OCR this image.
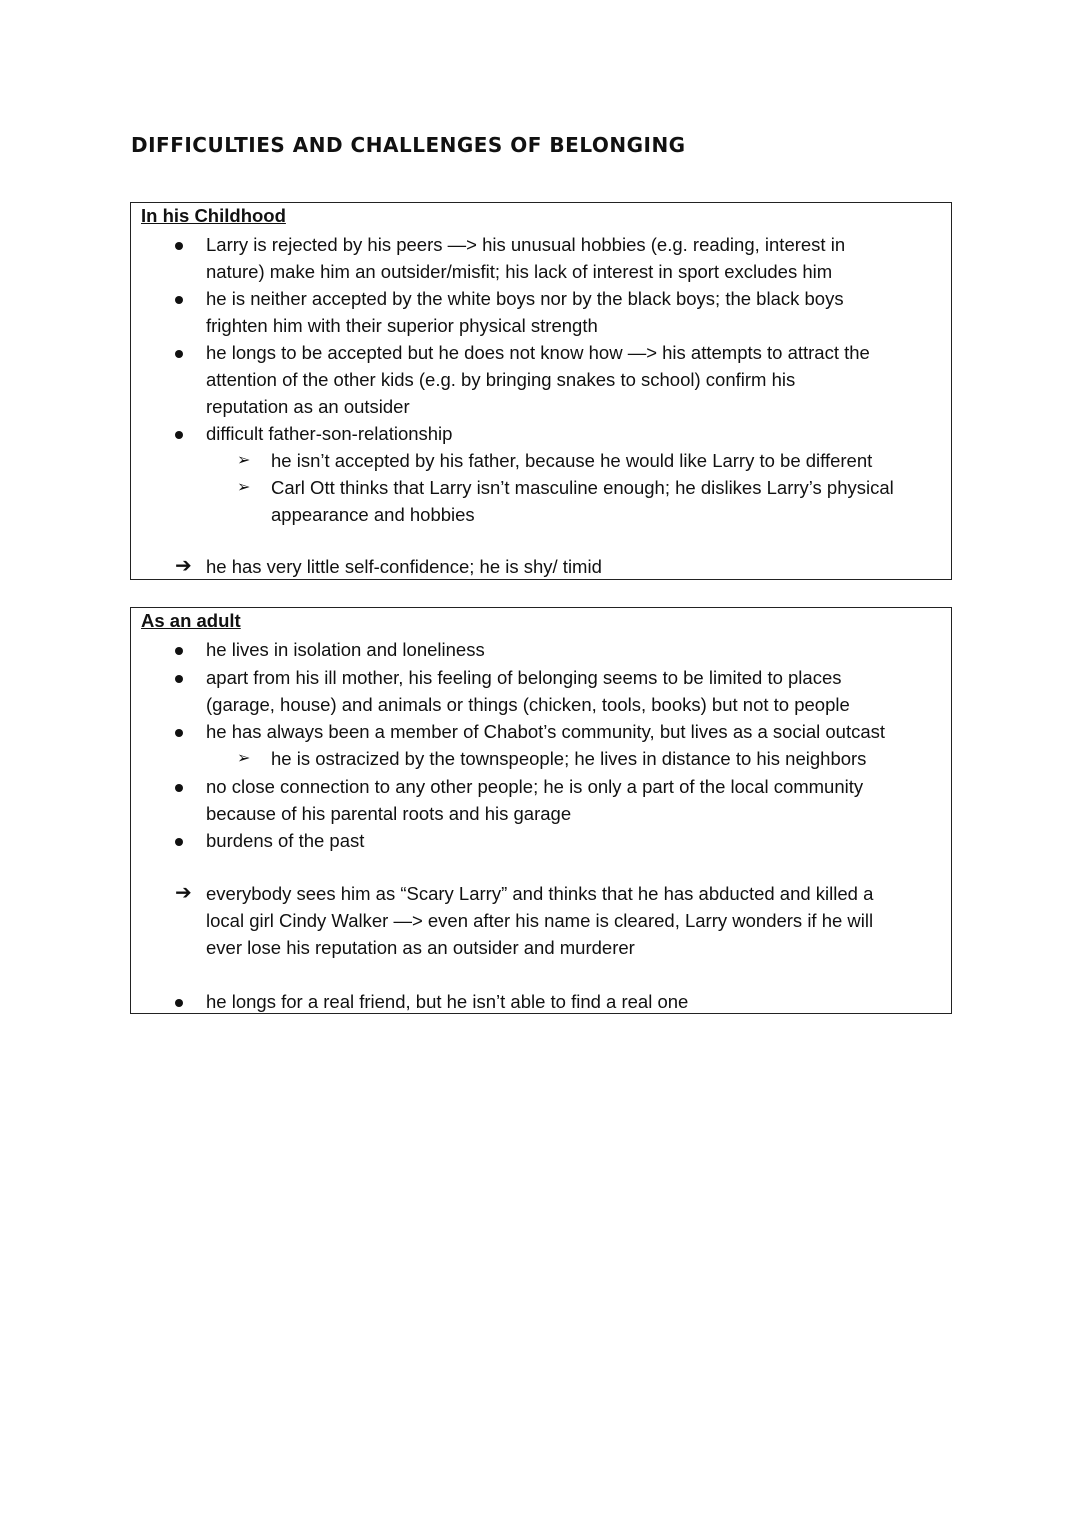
DIFFICULTIES AND CHALLENGES OF BELONGING
In his Childhood
Larry is rejected by his peers —> his unusual hobbies (e.g. reading, interest in
nature) make him an outsider/misfit; his lack of interest in sport excludes him
he is neither accepted by the white boys nor by the black boys; the black boys
frighten him with their superior physical strength
he longs to be accepted but he does not know how —> his attempts to attract the
attention of the other kids (e.g. by bringing snakes to school) confirm his
reputation as an outsider
difficult father-son-relationship
➢ he isn’t accepted by his father, because he would like Larry to be different
➢ Carl Ott thinks that Larry isn’t masculine enough; he dislikes Larry’s physical
appearance and hobbies
➔ he has very little self-confidence; he is shy/ timid
As an adult
he lives in isolation and loneliness
apart from his ill mother, his feeling of belonging seems to be limited to places
(garage, house) and animals or things (chicken, tools, books) but not to people
he has always been a member of Chabot’s community, but lives as a social outcast
➢ he is ostracized by the townspeople; he lives in distance to his neighbors
no close connection to any other people; he is only a part of the local community
because of his parental roots and his garage
burdens of the past
➔ everybody sees him as “Scary Larry” and thinks that he has abducted and killed a
local girl Cindy Walker —> even after his name is cleared, Larry wonders if he will
ever lose his reputation as an outsider and murderer
he longs for a real friend, but he isn’t able to find a real one
